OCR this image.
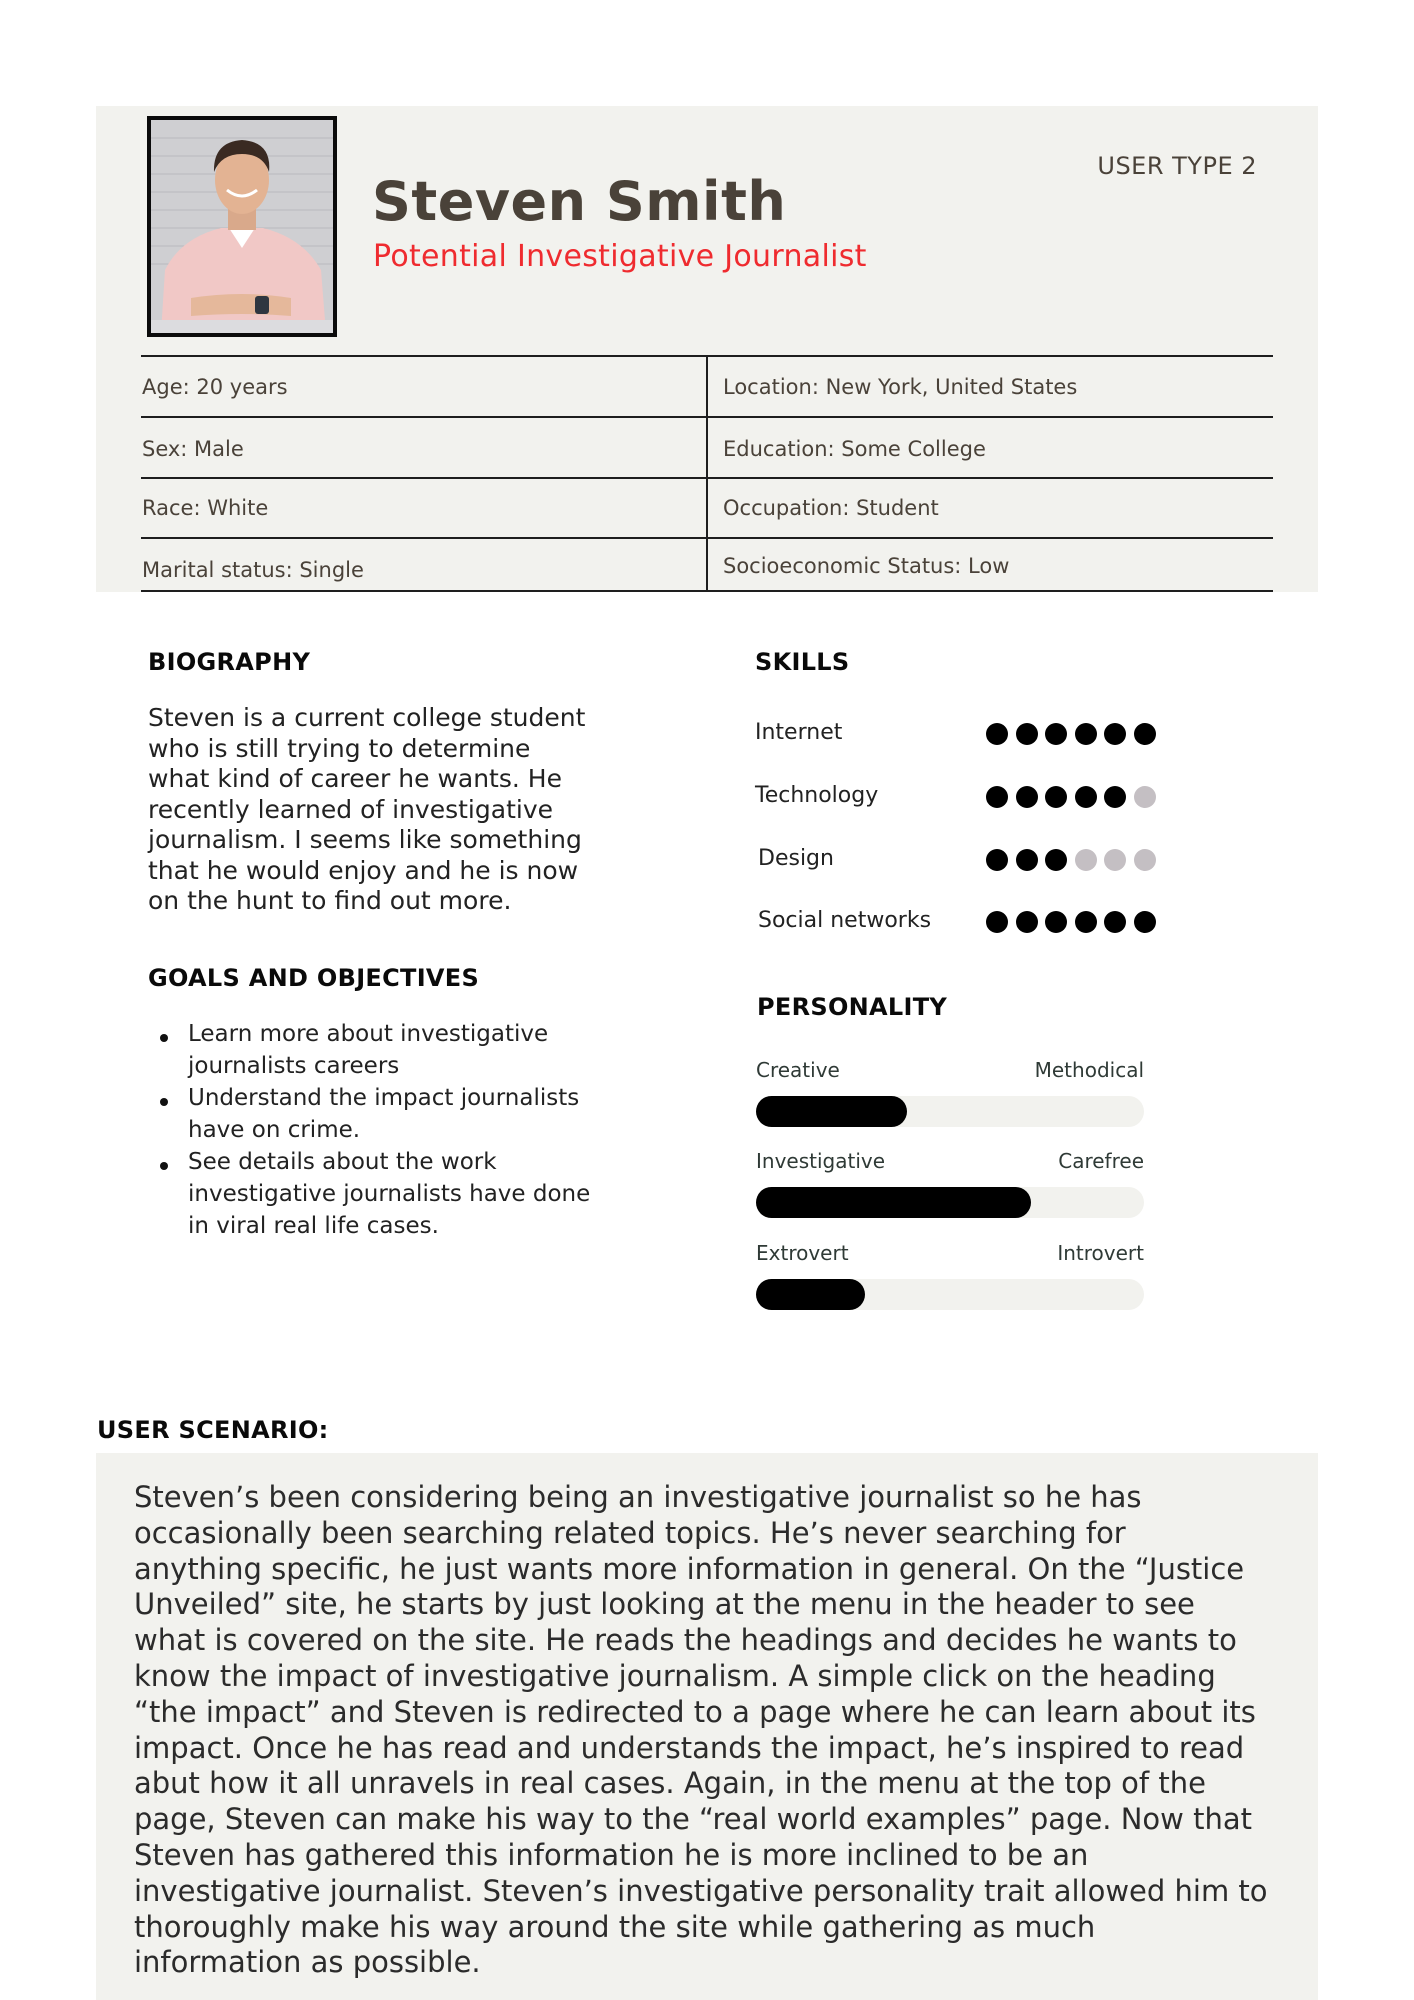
Steven Smith
Potential Investigative Journalist
USER TYPE 2
Age: 20 years	Location: New York, United States
Sex: Male	Education: Some College
Race: White	Occupation: Student
Marital status: Single	Socioeconomic Status: Low
BIOGRAPHY
Steven is a current college student
who is still trying to determine
what kind of career he wants. He
recently learned of investigative
journalism. I seems like something
that he would enjoy and he is now
on the hunt to find out more.
GOALS AND OBJECTIVES
Learn more about investigative
journalists careers
Understand the impact journalists
have on crime.
See details about the work
investigative journalists have done
in viral real life cases.
SKILLS
Internet
Technology
Design
Social networks
PERSONALITY
Creative	Methodical
Investigative	Carefree
Extrovert	Introvert
USER SCENARIO:
Steven’s been considering being an investigative journalist so he has
occasionally been searching related topics. He’s never searching for
anything specific, he just wants more information in general. On the “Justice
Unveiled” site, he starts by just looking at the menu in the header to see
what is covered on the site. He reads the headings and decides he wants to
know the impact of investigative journalism. A simple click on the heading
“the impact” and Steven is redirected to a page where he can learn about its
impact. Once he has read and understands the impact, he’s inspired to read
abut how it all unravels in real cases. Again, in the menu at the top of the
page, Steven can make his way to the “real world examples” page. Now that
Steven has gathered this information he is more inclined to be an
investigative journalist. Steven’s investigative personality trait allowed him to
thoroughly make his way around the site while gathering as much
information as possible.
